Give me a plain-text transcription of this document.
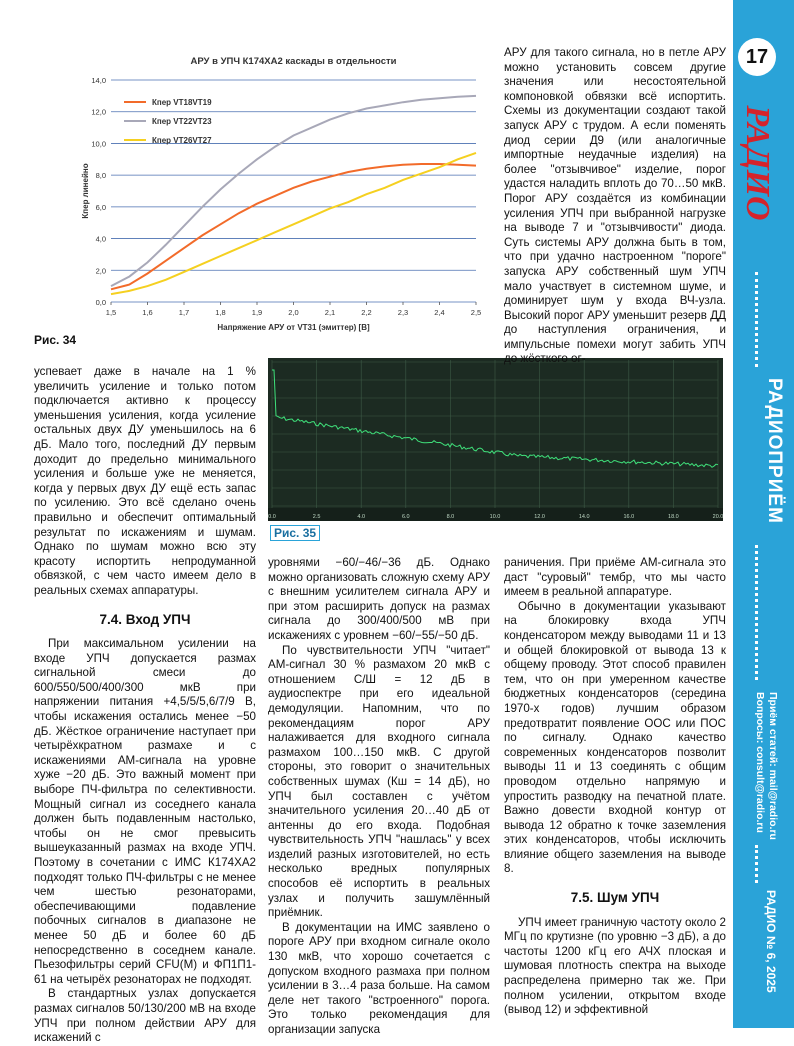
17
РАДИО
РАДИОПРИЁМ
Приём статей: mail@radio.ru
Вопросы: consult@radio.ru
РАДИО № 6, 2025
АРУ в УПЧ К174ХА2 каскады в отдельности
0,0
2,0
4,0
6,0
8,0
10,0
12,0
14,0
1,5	1,6	1,7	1,8	1,9	2,0	2,1	2,2	2,3	2,4	2,5
Напряжение АРУ от VT31 (эмиттер) [В]
Кпер линейно
Кпер VT18VT19
Кпер VT22VT23
Кпер VT26VT27
Рис. 34
0.0	2.5	4.0	6.0	8.0	10.0	12.0	14.0	16.0	18.0	20.0
Рис. 35

АРУ для такого сигнала, но в петле АРУ можно установить совсем другие значения или несостоятельной компоновкой обвязки всё испортить. Схемы из документации создают такой запуск АРУ с трудом. А если поменять диод серии Д9 (или аналогичные импортные неудачные изделия) на более "отзывчивое" изделие, порог удастся наладить вплоть до 70…50 мкВ. Порог АРУ создаётся из комбинации усиления УПЧ при выбранной нагрузке на выводе 7 и "отзывчивости" диода. Суть системы АРУ должна быть в том, что при удачно настроенном "пороге" запуска АРУ собственный шум УПЧ мало участвует в системном шуме, и доминирует шум у входа ВЧ-узла. Высокий порог АРУ уменьшит резерв ДД до наступления ограничения, и импульсные помехи могут забить УПЧ до жёсткого ог-

успевает даже в начале на 1 % увеличить усиление и только потом подключается активно к процессу уменьшения усиления, когда усиление остальных двух ДУ уменьшилось на 6 дБ. Мало того, последний ДУ первым доходит до предельно минимального усиления и больше уже не меняется, когда у первых двух ДУ ещё есть запас по усилению. Это всё сделано очень правильно и обеспечит оптимальный результат по искажениям и шумам. Однако по шумам можно всю эту красоту испортить непродуманной обвязкой, с чем часто имеем дело в реальных схемах аппаратуры.

7.4. Вход УПЧ

При максимальном усилении на входе УПЧ допускается размах сигнальной смеси до 600/550/500/400/300 мкВ при напряжении питания +4,5/5/5,6/7/9 В, чтобы искажения остались менее −50 дБ. Жёсткое ограничение наступает при четырёхкратном размахе и с искажениями АМ-сигнала на уровне хуже −20 дБ. Это важный момент при выборе ПЧ-фильтра по селективности. Мощный сигнал из соседнего канала должен быть подавленным настолько, чтобы он не смог превысить вышеуказанный размах на входе УПЧ. Поэтому в сочетании с ИМС К174ХА2 подходят только ПЧ-фильтры с не менее чем шестью резонаторами, обеспечивающими подавление побочных сигналов в диапазоне не менее 50 дБ и более 60 дБ непосредственно в соседнем канале. Пьезофильтры серий CFU(M) и ФП1П1-61 на четырёх резонаторах не подходят.

В стандартных узлах допускается размах сигналов 50/130/200 мВ на входе УПЧ при полном действии АРУ для искажений с

уровнями −60/−46/−36 дБ. Однако можно организовать сложную схему АРУ с внешним усилителем сигнала АРУ и при этом расширить допуск на размах сигнала до 300/400/500 мВ при искажениях с уровнем −60/−55/−50 дБ.

По чувствительности УПЧ "читает" АМ-сигнал 30 % размахом 20 мкВ с отношением С/Ш = 12 дБ в аудиоспектре при его идеальной демодуляции. Напомним, что по рекомендациям порог АРУ налаживается для входного сигнала размахом 100…150 мкВ. С другой стороны, это говорит о значительных собственных шумах (Кш = 14 дБ), но УПЧ был составлен с учётом значительного усиления 20…40 дБ от антенны до его входа. Подобная чувствительность УПЧ "нашлась" у всех изделий разных изготовителей, но есть несколько вредных популярных способов её испортить в реальных узлах и получить зашумлённый приёмник.

В документации на ИМС заявлено о пороге АРУ при входном сигнале около 130 мкВ, что хорошо сочетается с допуском входного размаха при полном усилении в 3…4 раза больше. На самом деле нет такого "встроенного" порога. Это только рекомендация для организации запуска

раничения. При приёме АМ-сигнала это даст "суровый" тембр, что мы часто имеем в реальной аппаратуре.

Обычно в документации указывают на блокировку входа УПЧ конденсатором между выводами 11 и 13 и общей блокировкой от вывода 13 к общему проводу. Этот способ правилен тем, что он при умеренном качестве бюджетных конденсаторов (середина 1970-х годов) лучшим образом предотвратит появление ООС или ПОС по сигналу. Однако качество современных конденсаторов позволит выводы 11 и 13 соединять с общим проводом отдельно напрямую и упростить разводку на печатной плате. Важно довести входной контур от вывода 12 обратно к точке заземления этих конденсаторов, чтобы исключить влияние общего заземления на выводе 8.

7.5. Шум УПЧ

УПЧ имеет граничную частоту около 2 МГц по крутизне (по уровню −3 дБ), а до частоты 1200 кГц его АЧХ плоская и шумовая плотность спектра на выходе распределена примерно так же. При полном усилении, открытом входе (вывод 12) и эффективной
